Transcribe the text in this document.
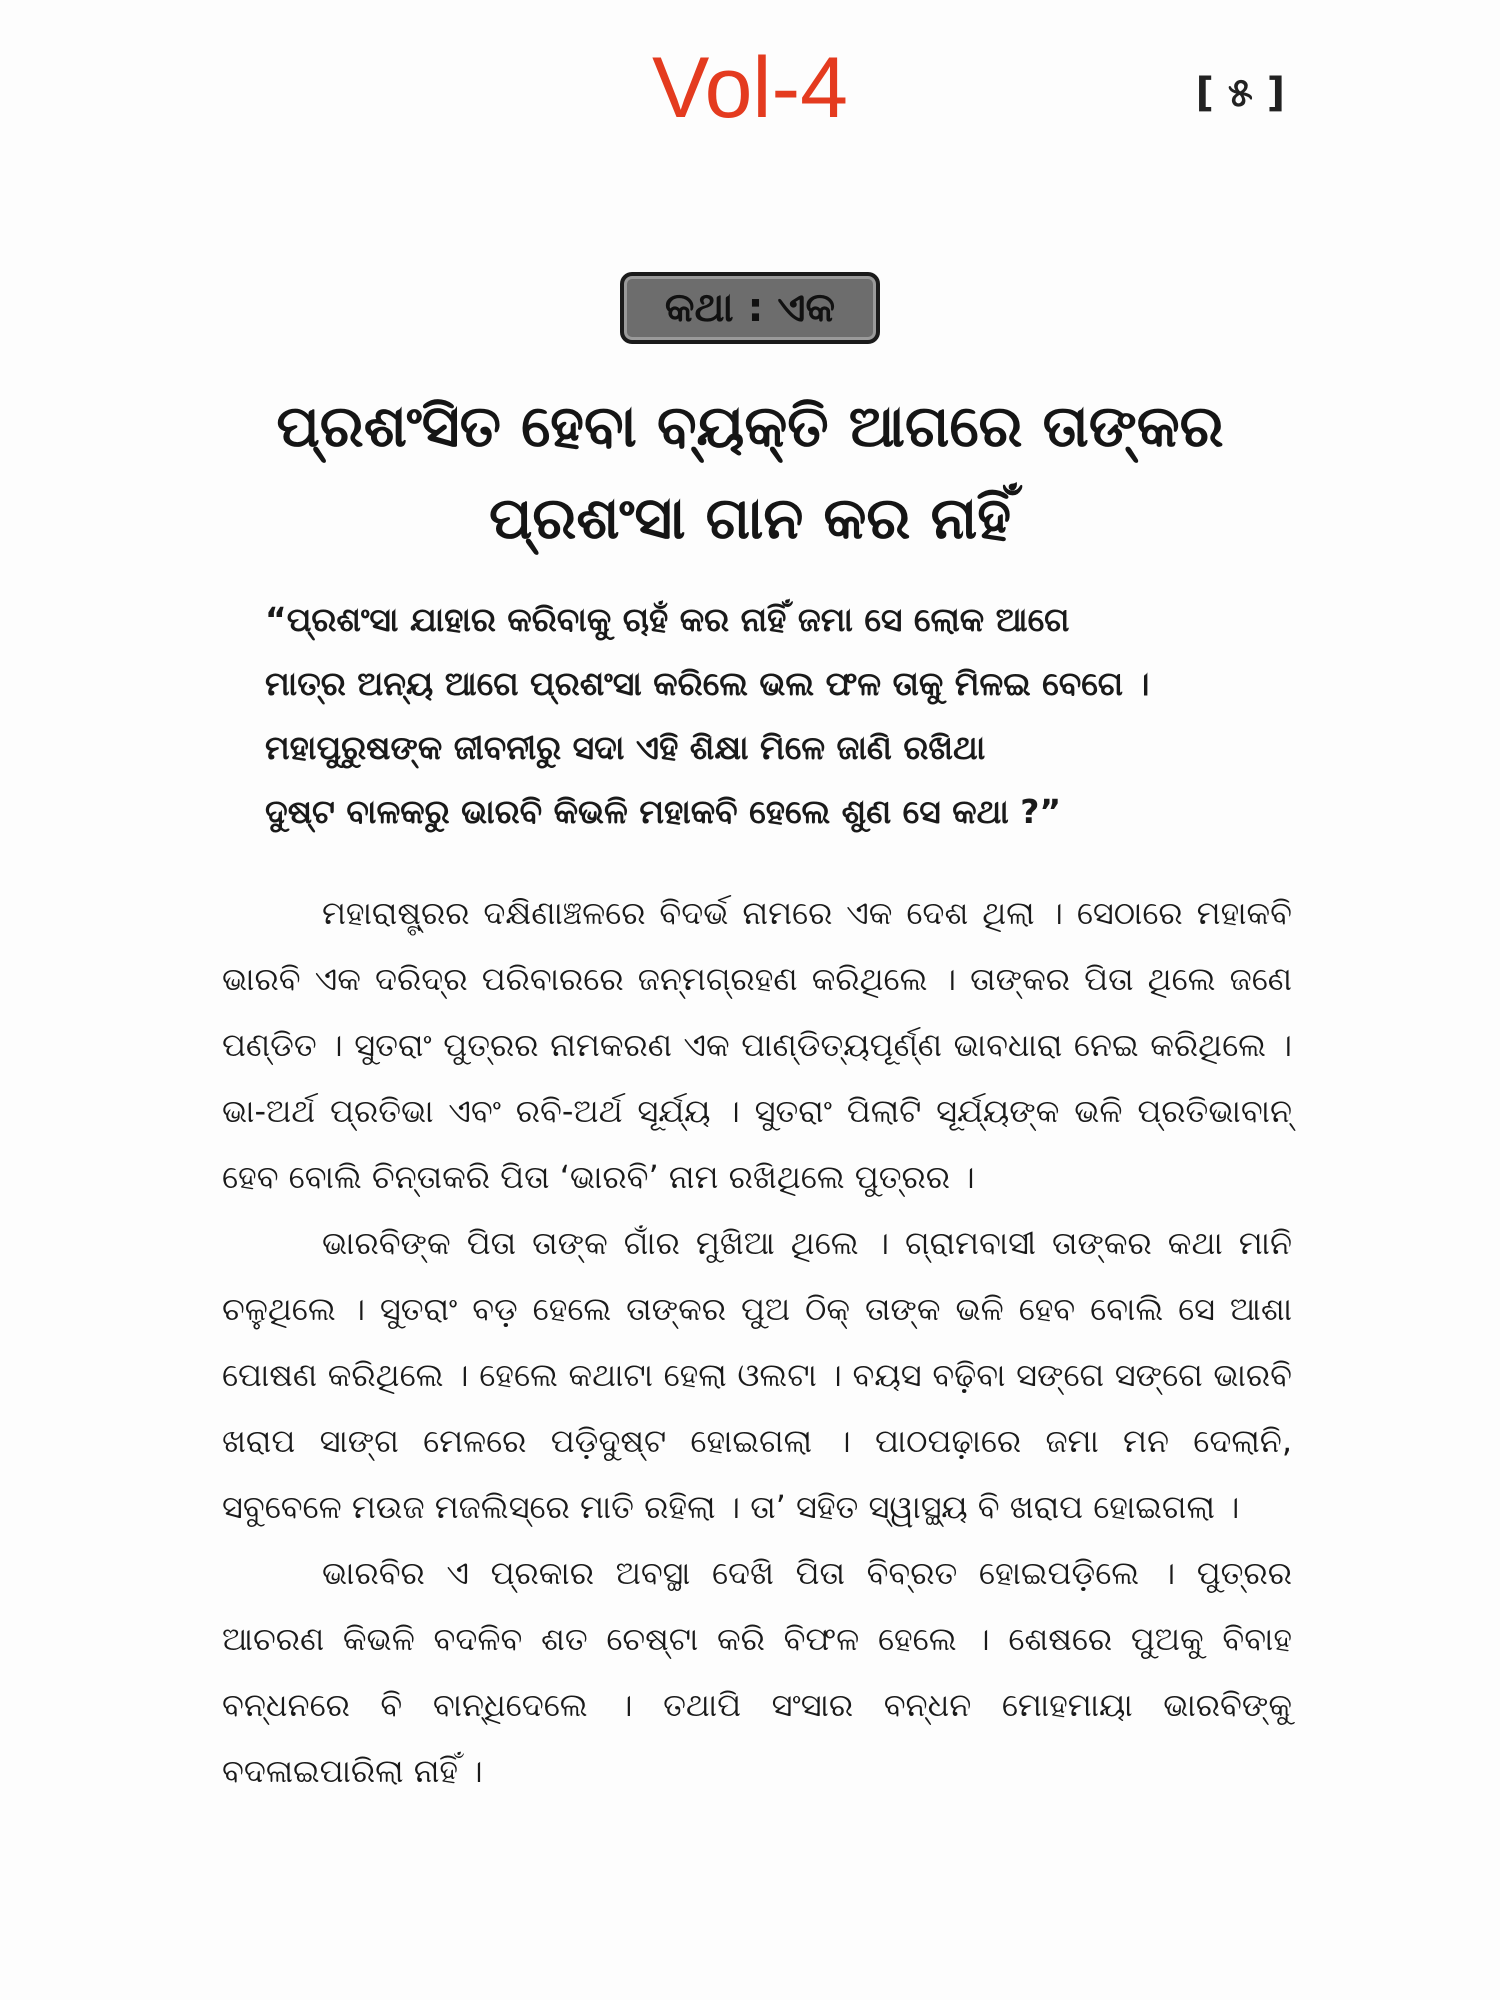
Vol-4	[ ୫ ]
କଥା : ଏକ
ପ୍ରଶଂସିତ ହେବା ବ୍ୟକ୍ତି ଆଗରେ ତାଙ୍କର
ପ୍ରଶଂସା ଗାନ କର ନାହିଁ
“ପ୍ରଶଂସା ଯାହାର କରିବାକୁ ଚାହଁ କର ନାହିଁ ଜମା ସେ ଲୋକ ଆଗେ
ମାତ୍ର ଅନ୍ୟ ଆଗେ ପ୍ରଶଂସା କରିଲେ ଭଲ ଫଳ ତାକୁ ମିଳଇ ବେଗେ ।
ମହାପୁରୁଷଙ୍କ ଜୀବନୀରୁ ସଦା ଏହି ଶିକ୍ଷା ମିଳେ ଜାଣି ରଖିଥା
ଦୁଷ୍ଟ ବାଳକରୁ ଭାରବି କିଭଳି ମହାକବି ହେଲେ ଶୁଣ ସେ କଥା ?”

ମହାରାଷ୍ଟ୍ରର ଦକ୍ଷିଣାଞ୍ଚଳରେ ବିଦର୍ଭ ନାମରେ ଏକ ଦେଶ ଥିଲା । ସେଠାରେ ମହାକବି ଭାରବି ଏକ ଦରିଦ୍ର ପରିବାରରେ ଜନ୍ମଗ୍ରହଣ କରିଥିଲେ । ତାଙ୍କର ପିତା ଥିଲେ ଜଣେ ପଣ୍ଡିତ । ସୁତରାଂ ପୁତ୍ରର ନାମକରଣ ଏକ ପାଣ୍ଡିତ୍ୟପୂର୍ଣ୍ଣ ଭାବଧାରା ନେଇ କରିଥିଲେ । ଭା-ଅର୍ଥ ପ୍ରତିଭା ଏବଂ ରବି-ଅର୍ଥ ସୂର୍ଯ୍ୟ । ସୁତରାଂ ପିଲାଟି ସୂର୍ଯ୍ୟଙ୍କ ଭଳି ପ୍ରତିଭାବାନ୍ ହେବ ବୋଲି ଚିନ୍ତାକରି ପିତା ‘ଭାରବି’ ନାମ ରଖିଥିଲେ ପୁତ୍ରର ।

ଭାରବିଙ୍କ ପିତା ତାଙ୍କ ଗାଁର ମୁଖିଆ ଥିଲେ । ଗ୍ରାମବାସୀ ତାଙ୍କର କଥା ମାନି ଚଳୁଥିଲେ । ସୁତରାଂ ବଡ଼ ହେଲେ ତାଙ୍କର ପୁଅ ଠିକ୍ ତାଙ୍କ ଭଳି ହେବ ବୋଲି ସେ ଆଶା ପୋଷଣ କରିଥିଲେ । ହେଲେ କଥାଟା ହେଲା ଓଲଟା । ବୟସ ବଢ଼ିବା ସଙ୍ଗେ ସଙ୍ଗେ ଭାରବି ଖରାପ ସାଙ୍ଗ ମେଳରେ ପଡ଼ିଦୁଷ୍ଟ ହୋଇଗଲା । ପାଠପଢ଼ାରେ ଜମା ମନ ଦେଲାନି, ସବୁବେଳେ ମଉଜ ମଜଲିସ୍‌ରେ ମାତି ରହିଲା । ତା’ ସହିତ ସ୍ୱାସ୍ଥ୍ୟ ବି ଖରାପ ହୋଇଗଲା ।

ଭାରବିର ଏ ପ୍ରକାର ଅବସ୍ଥା ଦେଖି ପିତା ବିବ୍ରତ ହୋଇପଡ଼ିଲେ । ପୁତ୍ରର ଆଚରଣ କିଭଳି ବଦଳିବ ଶତ ଚେଷ୍ଟା କରି ବିଫଳ ହେଲେ । ଶେଷରେ ପୁଅକୁ ବିବାହ ବନ୍ଧନରେ ବି ବାନ୍ଧିଦେଲେ । ତଥାପି ସଂସାର ବନ୍ଧନ ମୋହମାୟା ଭାରବିଙ୍କୁ ବଦଳାଇପାରିଲା ନାହିଁ ।
